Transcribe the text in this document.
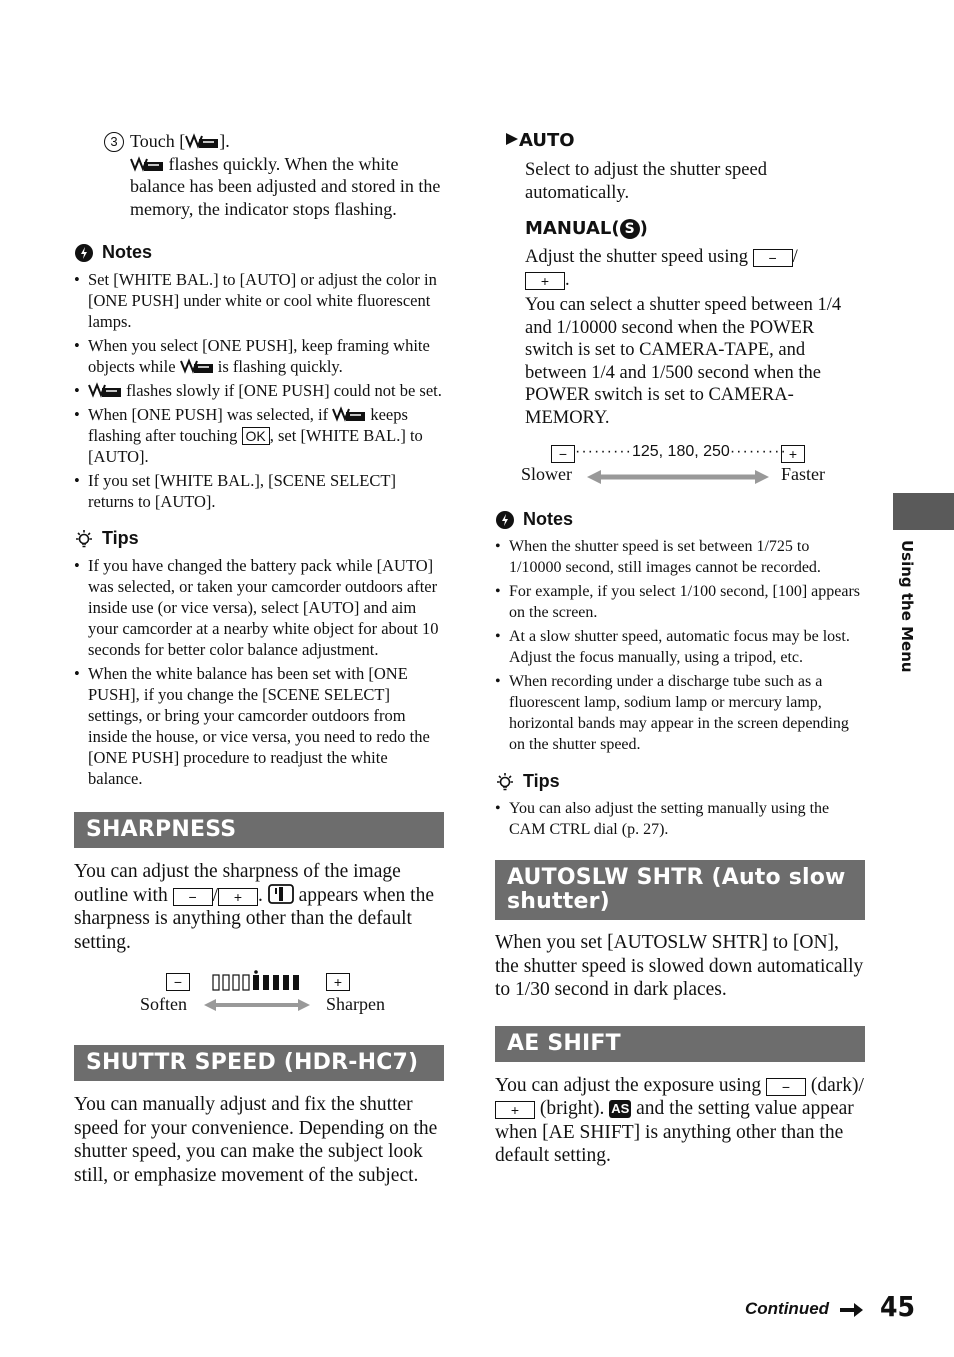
3 Touch [ ].
flashes quickly. When the white balance has been adjusted and stored in the memory, the indicator stops flashing.

Notes

• Set [WHITE BAL.] to [AUTO] or adjust the color in [ONE PUSH] under white or cool white fluorescent lamps.
• When you select [ONE PUSH], keep framing white objects while  is flashing quickly.
• flashes slowly if [ONE PUSH] could not be set.
• When [ONE PUSH] was selected, if  keeps flashing after touching OK , set [WHITE BAL.] to [AUTO].
• If you set [WHITE BAL.], [SCENE SELECT] returns to [AUTO].

Tips

• If you have changed the battery pack while [AUTO] was selected, or taken your camcorder outdoors after inside use (or vice versa), select [AUTO] and aim your camcorder at a nearby white object for about 10 seconds for better color balance adjustment.
• When the white balance has been set with [ONE PUSH], if you change the [SCENE SELECT] settings, or bring your camcorder outdoors from inside the house, or vice versa, you need to redo the [ONE PUSH] procedure to readjust the white balance.
SHARPNESS

You can adjust the sharpness of the image outline with − / + .  appears when the sharpness is anything other than the default setting.

−	+
Soften	Sharpen
SHUTTR SPEED (HDR-HC7)

You can manually adjust and fix the shutter speed for your convenience. Depending on the shutter speed, you can make the subject look still, or emphasize movement of the subject.

AUTO

Select to adjust the shutter speed automatically.

MANUAL( S )

Adjust the shutter speed using − /
+ .

You can select a shutter speed between 1/4 and 1/10000 second when the POWER switch is set to CAMERA-TAPE, and between 1/4 and 1/500 second when the POWER switch is set to CAMERA-MEMORY.

− ·········125, 180, 250········· +
Slower	Faster

Notes

• When the shutter speed is set between 1/725 to 1/10000 second, still images cannot be recorded.
• For example, if you select 1/100 second, [100] appears on the screen.
• At a slow shutter speed, automatic focus may be lost. Adjust the focus manually, using a tripod, etc.
• When recording under a discharge tube such as a fluorescent lamp, sodium lamp or mercury lamp, horizontal bands may appear in the screen depending on the shutter speed.

Tips

• You can also adjust the setting manually using the CAM CTRL dial (p. 27).
AUTOSLW SHTR (Auto slow shutter)

When you set [AUTOSLW SHTR] to [ON], the shutter speed is slowed down automatically to 1/30 second in dark places.

AE SHIFT

You can adjust the exposure using − (dark)/+ (bright). AS and the setting value appear when [AE SHIFT] is anything other than the default setting.

Using the Menu
Continued 45
